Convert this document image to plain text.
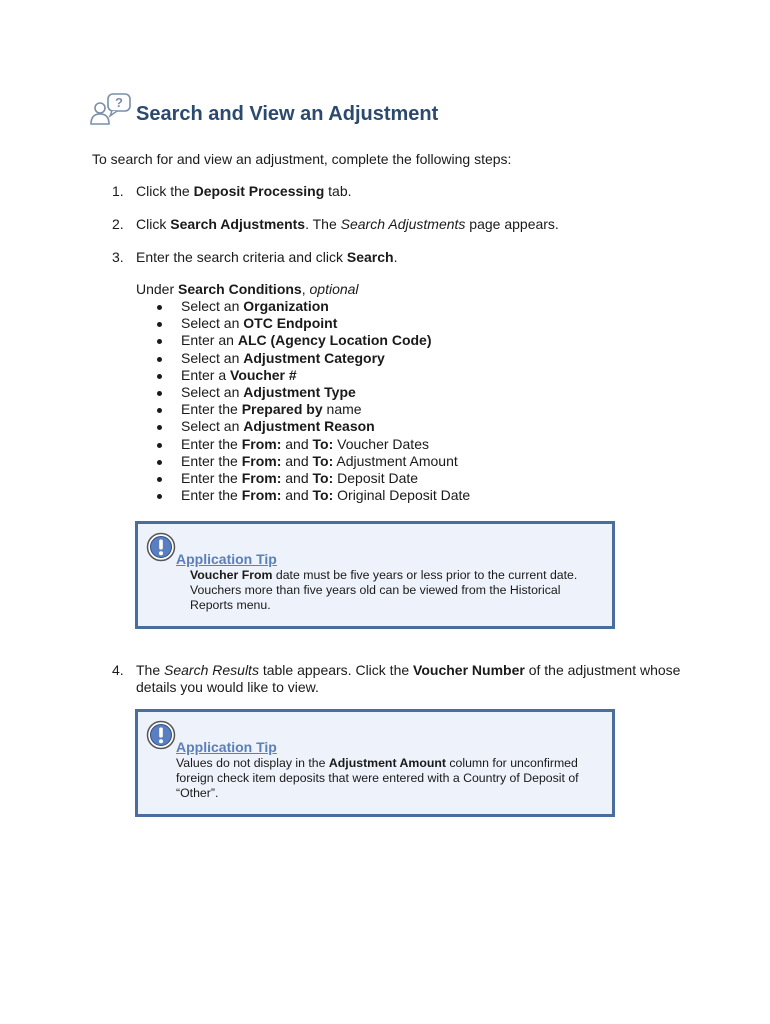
? Search and View an Adjustment
To search for and view an adjustment, complete the following steps:
1. Click the Deposit Processing tab.
2. Click Search Adjustments. The Search Adjustments page appears.
3. Enter the search criteria and click Search.
Under Search Conditions, optional
Select an Organization
Select an OTC Endpoint
Enter an ALC (Agency Location Code)
Select an Adjustment Category
Enter a Voucher #
Select an Adjustment Type
Enter the Prepared by name
Select an Adjustment Reason
Enter the From: and To: Voucher Dates
Enter the From: and To: Adjustment Amount
Enter the From: and To: Deposit Date
Enter the From: and To: Original Deposit Date
Application Tip
Voucher From date must be five years or less prior to the current date.
Vouchers more than five years old can be viewed from the Historical
Reports menu.
4. The Search Results table appears. Click the Voucher Number of the adjustment whose
details you would like to view.
Application Tip
Values do not display in the Adjustment Amount column for unconfirmed
foreign check item deposits that were entered with a Country of Deposit of
“Other”.
